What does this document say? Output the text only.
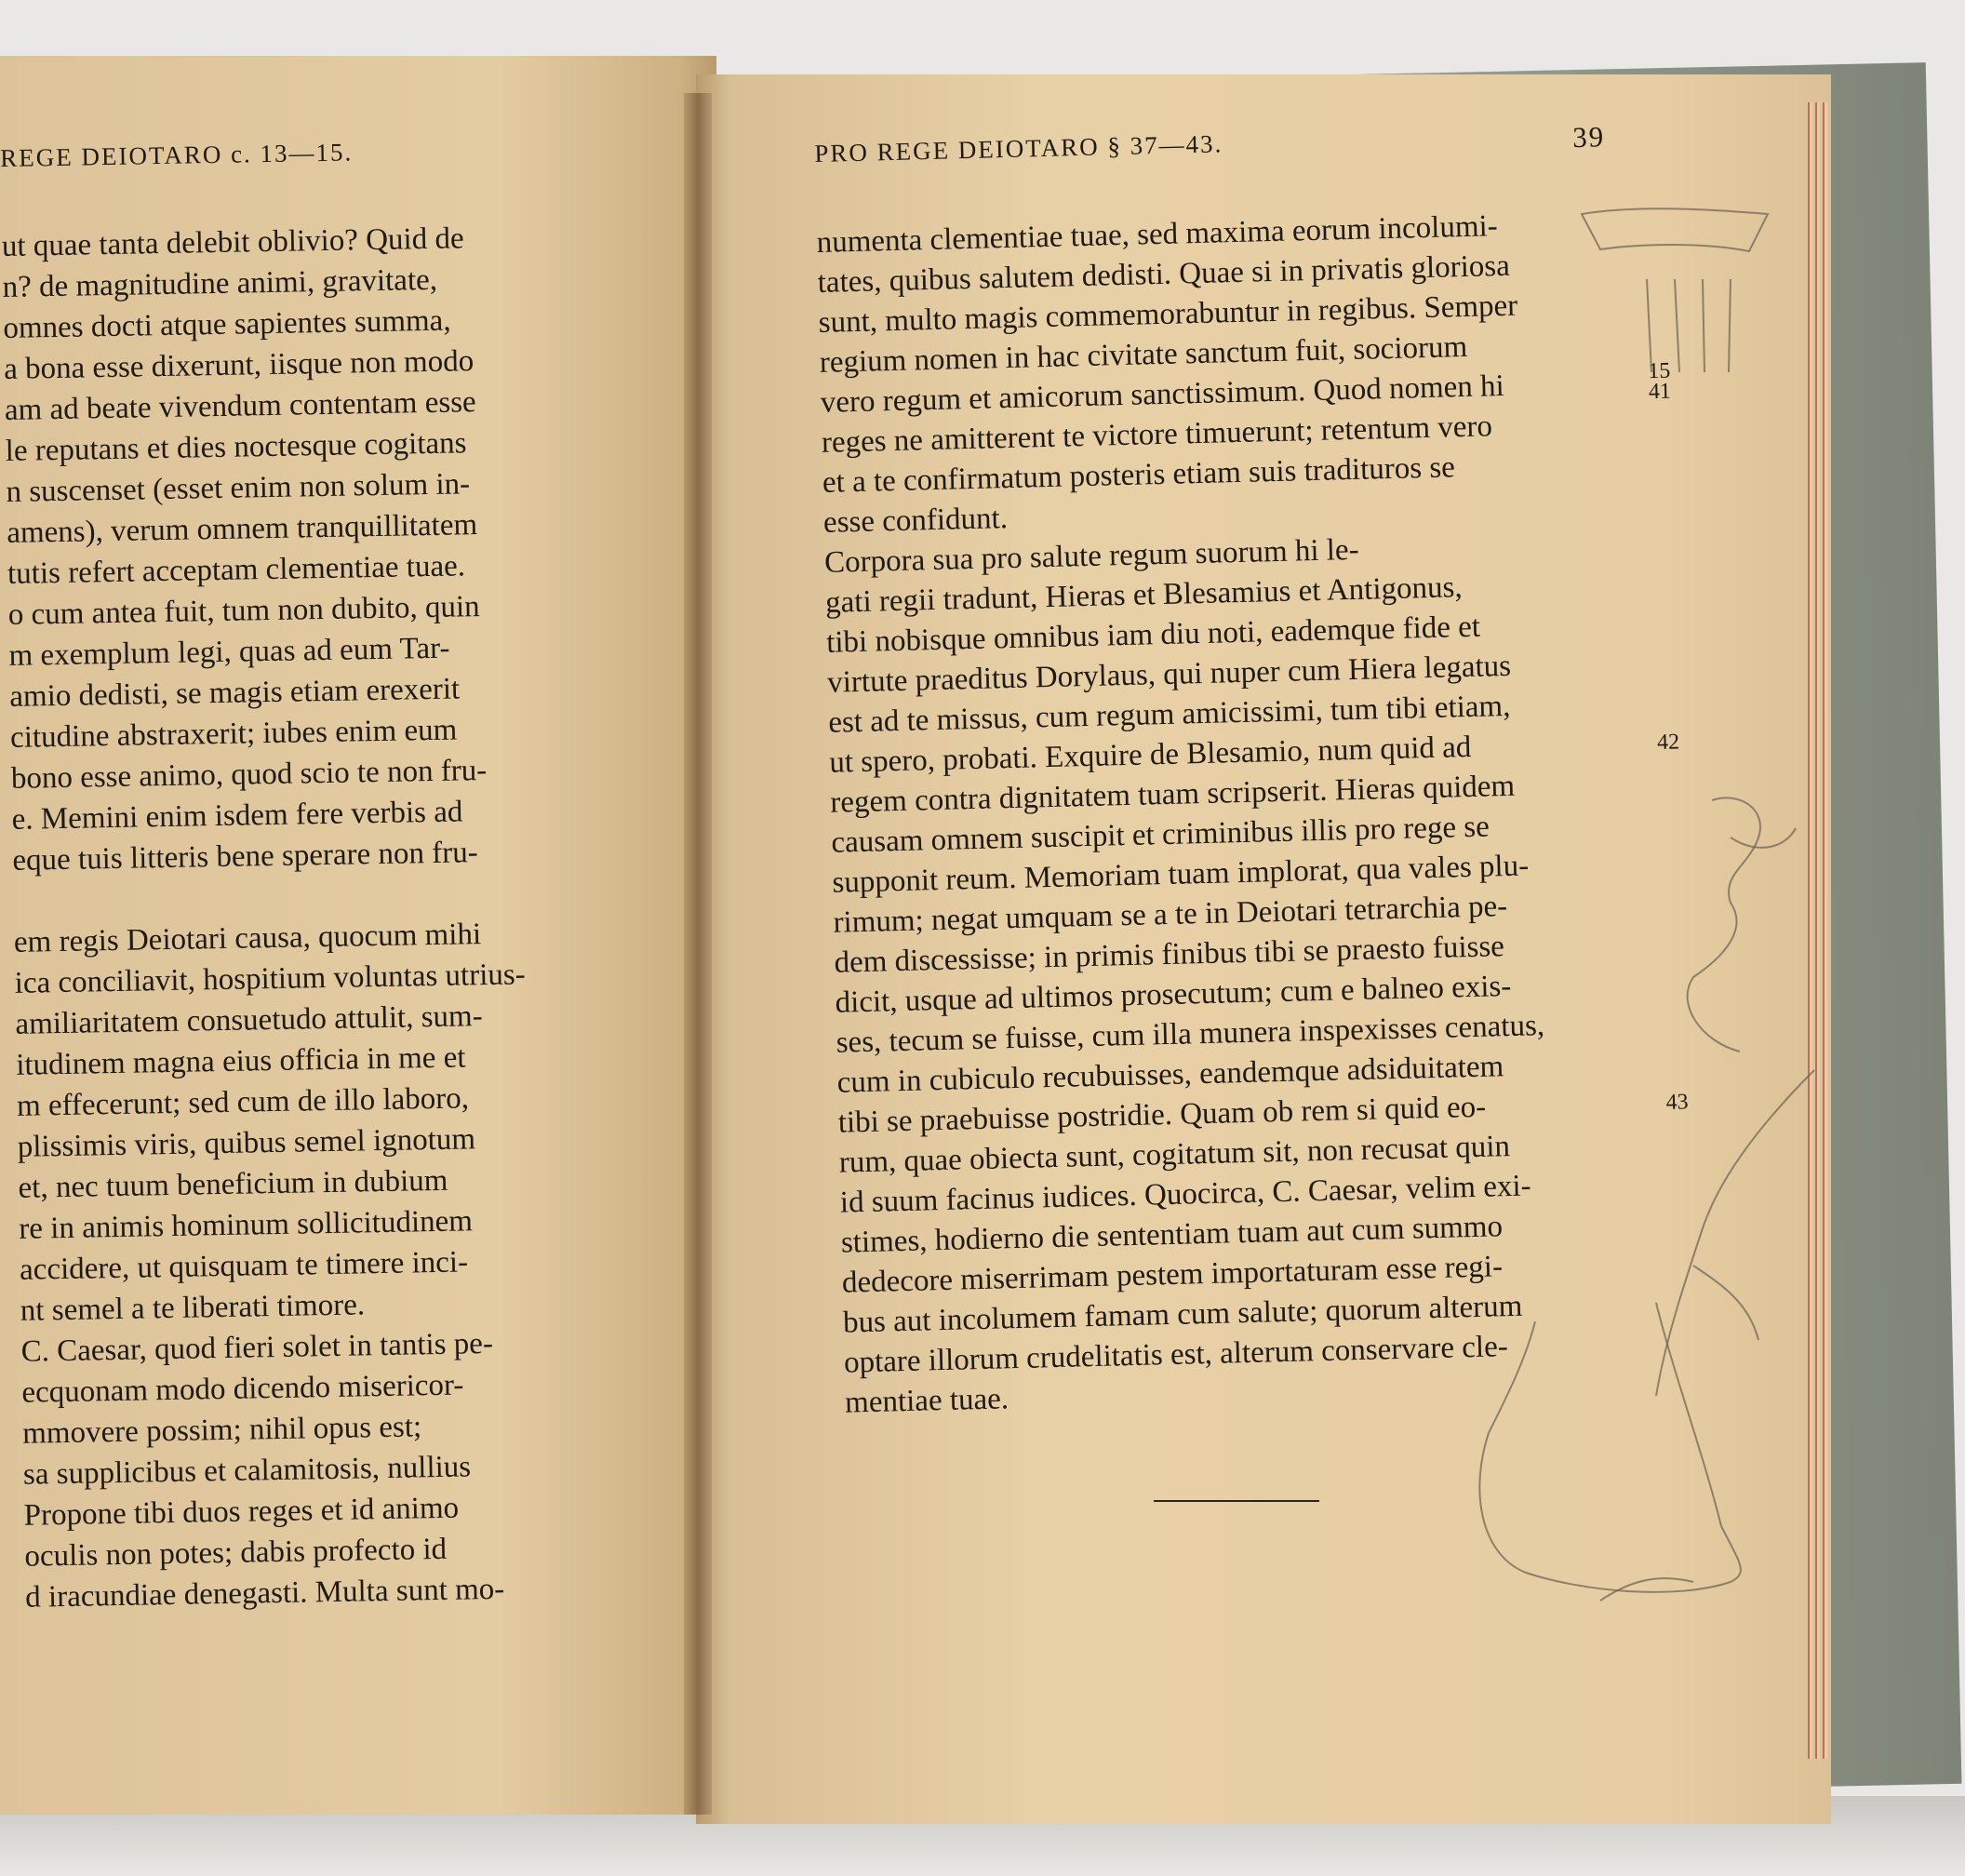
REGE DEIOTARO c. 13—15.
ut quae tanta delebit oblivio? Quid de
n? de magnitudine animi, gravitate,
omnes docti atque sapientes summa,
a bona esse dixerunt, iisque non modo
am ad beate vivendum contentam esse
le reputans et dies noctesque cogitans
n suscenset (esset enim non solum in-
amens), verum omnem tranquillitatem
tutis refert acceptam clementiae tuae.
o cum antea fuit, tum non dubito, quin
m exemplum legi, quas ad eum Tar-
amio dedisti, se magis etiam erexerit
citudine abstraxerit; iubes enim eum
bono esse animo, quod scio te non fru-
e. Memini enim isdem fere verbis ad
eque tuis litteris bene sperare non fru-
em regis Deiotari causa, quocum mihi
ica conciliavit, hospitium voluntas utrius-
amiliaritatem consuetudo attulit, sum-
itudinem magna eius officia in me et
m effecerunt; sed cum de illo laboro,
plissimis viris, quibus semel ignotum
et, nec tuum beneficium in dubium
re in animis hominum sollicitudinem
accidere, ut quisquam te timere inci-
nt semel a te liberati timore.
C. Caesar, quod fieri solet in tantis pe-
ecquonam modo dicendo misericor-
mmovere possim; nihil opus est;
sa supplicibus et calamitosis, nullius
Propone tibi duos reges et id animo
oculis non potes; dabis profecto id
d iracundiae denegasti. Multa sunt mo-
PRO REGE DEIOTARO § 37—43.	39
numenta clementiae tuae, sed maxima eorum incolumi-
tates, quibus salutem dedisti. Quae si in privatis gloriosa
sunt, multo magis commemorabuntur in regibus. Semper
regium nomen in hac civitate sanctum fuit, sociorum
vero regum et amicorum sanctissimum. Quod nomen hi	15
41
reges ne amitterent te victore timuerunt; retentum vero
et a te confirmatum posteris etiam suis tradituros se
esse confidunt.
Corpora sua pro salute regum suorum hi le-
gati regii tradunt, Hieras et Blesamius et Antigonus,
tibi nobisque omnibus iam diu noti, eademque fide et
virtute praeditus Dorylaus, qui nuper cum Hiera legatus
est ad te missus, cum regum amicissimi, tum tibi etiam,
ut spero, probati. Exquire de Blesamio, num quid ad	42
regem contra dignitatem tuam scripserit. Hieras quidem
causam omnem suscipit et criminibus illis pro rege se
supponit reum. Memoriam tuam implorat, qua vales plu-
rimum; negat umquam se a te in Deiotari tetrarchia pe-
dem discessisse; in primis finibus tibi se praesto fuisse
dicit, usque ad ultimos prosecutum; cum e balneo exis-
ses, tecum se fuisse, cum illa munera inspexisses cenatus,
cum in cubiculo recubuisses, eandemque adsiduitatem
tibi se praebuisse postridie. Quam ob rem si quid eo-	43
rum, quae obiecta sunt, cogitatum sit, non recusat quin
id suum facinus iudices. Quocirca, C. Caesar, velim exi-
stimes, hodierno die sententiam tuam aut cum summo
dedecore miserrimam pestem importaturam esse regi-
bus aut incolumem famam cum salute; quorum alterum
optare illorum crudelitatis est, alterum conservare cle-
mentiae tuae.
